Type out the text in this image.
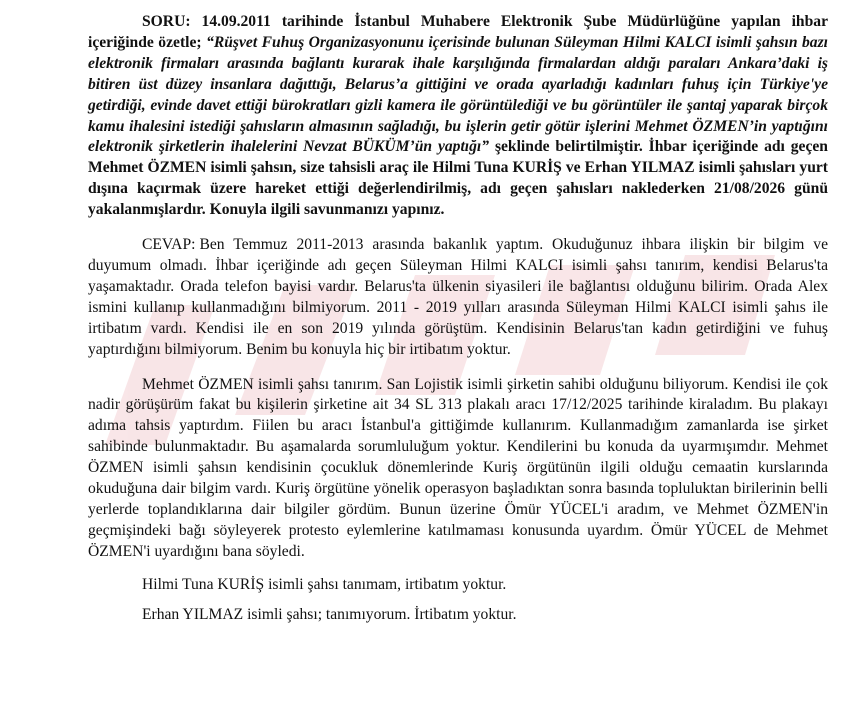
SORU: 14.09.2011 tarihinde İstanbul Muhabere Elektronik Şube Müdürlüğüne yapılan ihbar içeriğinde özetle; “Rüşvet Fuhuş Organizasyonunu içerisinde bulunan Süleyman Hilmi KALCI isimli şahsın bazı elektronik firmaları arasında bağlantı kurarak ihale karşılığında firmalardan aldığı paraları Ankara’daki iş bitiren üst düzey insanlara dağıttığı, Belarus’a gittiğini ve orada ayarladığı kadınları fuhuş için Türkiye'ye getirdiği, evinde davet ettiği bürokratları gizli kamera ile görüntülediği ve bu görüntüler ile şantaj yaparak birçok kamu ihalesini istediği şahısların almasının sağladığı, bu işlerin getir götür işlerini Mehmet ÖZMEN’in yaptığını elektronik şirketlerin ihalelerini Nevzat BÜKÜM’ün yaptığı” şeklinde belirtilmiştir. İhbar içeriğinde adı geçen Mehmet ÖZMEN isimli şahsın, size tahsisli araç ile Hilmi Tuna KURİŞ ve Erhan YILMAZ isimli şahısları yurt dışına kaçırmak üzere hareket ettiği değerlendirilmiş, adı geçen şahısları naklederken 21/08/2026 günü yakalanmışlardır. Konuyla ilgili savunmanızı yapınız.

CEVAP: Ben Temmuz 2011-2013 arasında bakanlık yaptım. Okuduğunuz ihbara ilişkin bir bilgim ve duyumum olmadı. İhbar içeriğinde adı geçen Süleyman Hilmi KALCI isimli şahsı tanırım, kendisi Belarus'ta yaşamaktadır. Orada telefon bayisi vardır. Belarus'ta ülkenin siyasileri ile bağlantısı olduğunu bilirim. Orada Alex ismini kullanıp kullanmadığını bilmiyorum. 2011 - 2019 yılları arasında Süleyman Hilmi KALCI isimli şahıs ile irtibatım vardı. Kendisi ile en son 2019 yılında görüştüm. Kendisinin Belarus'tan kadın getirdiğini ve fuhuş yaptırdığını bilmiyorum. Benim bu konuyla hiç bir irtibatım yoktur.

Mehmet ÖZMEN isimli şahsı tanırım. San Lojistik isimli şirketin sahibi olduğunu biliyorum. Kendisi ile çok nadir görüşürüm fakat bu kişilerin şirketine ait 34 SL 313 plakalı aracı 17/12/2025 tarihinde kiraladım. Bu plakayı adıma tahsis yaptırdım. Fiilen bu aracı İstanbul'a gittiğimde kullanırım. Kullanmadığım zamanlarda ise şirket sahibinde bulunmaktadır. Bu aşamalarda sorumluluğum yoktur. Kendilerini bu konuda da uyarmışımdır. Mehmet ÖZMEN isimli şahsın kendisinin çocukluk dönemlerinde Kuriş örgütünün ilgili olduğu cemaatin kurslarında okuduğuna dair bilgim vardı. Kuriş örgütüne yönelik operasyon başladıktan sonra basında topluluktan birilerinin belli yerlerde toplandıklarına dair bilgiler gördüm. Bunun üzerine Ömür YÜCEL'i aradım, ve Mehmet ÖZMEN'in geçmişindeki bağı söyleyerek protesto eylemlerine katılmaması konusunda uyardım. Ömür YÜCEL de Mehmet ÖZMEN'i uyardığını bana söyledi.

Hilmi Tuna KURİŞ isimli şahsı tanımam, irtibatım yoktur.

Erhan YILMAZ isimli şahsı; tanımıyorum. İrtibatım yoktur.
